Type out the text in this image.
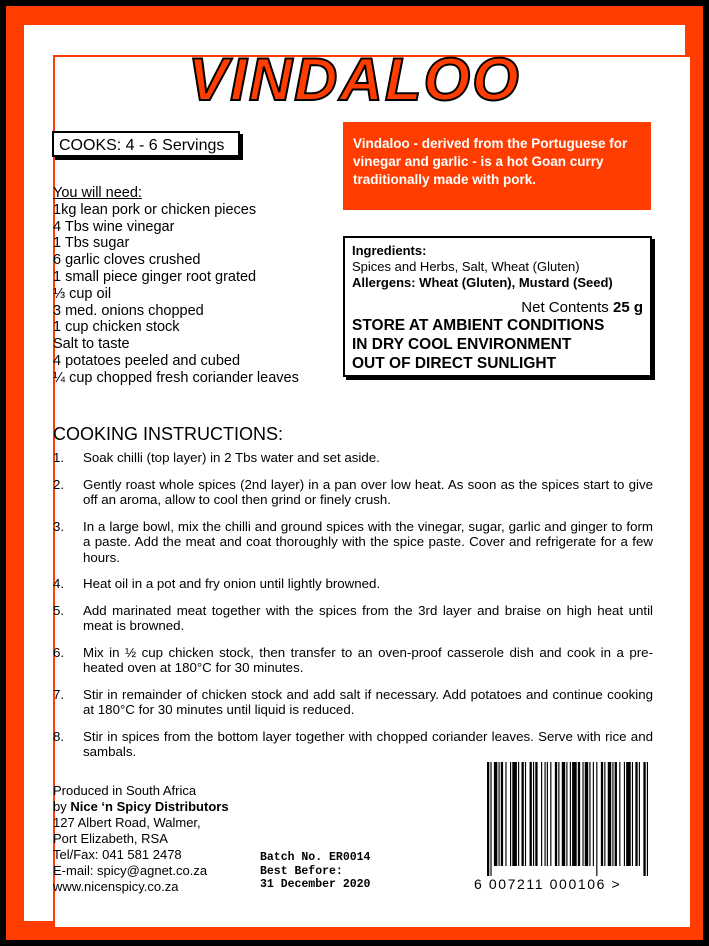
VINDALOO
COOKS: 4 - 6 Servings
You will need:
1kg lean pork or chicken pieces
4 Tbs wine vinegar
1 Tbs sugar
6 garlic cloves crushed
1 small piece ginger root grated
⅓ cup oil
3 med. onions chopped
1 cup chicken stock
Salt to taste
4 potatoes peeled and cubed
¼ cup chopped fresh coriander leaves
Vindaloo - derived from the Portuguese for vinegar and garlic - is a hot Goan curry traditionally made with pork.
Ingredients:
Spices and Herbs, Salt, Wheat (Gluten)
Allergens: Wheat (Gluten), Mustard (Seed)
Net Contents 25 g
STORE AT AMBIENT CONDITIONS
IN DRY COOL ENVIRONMENT
OUT OF DIRECT SUNLIGHT
COOKING INSTRUCTIONS:
1.	Soak chilli (top layer) in 2 Tbs water and set aside.
2.	Gently roast whole spices (2nd layer) in a pan over low heat. As soon as the spices start to give off an aroma, allow to cool then grind or finely crush.
3.	In a large bowl, mix the chilli and ground spices with the vinegar, sugar, garlic and ginger to form a paste. Add the meat and coat thoroughly with the spice paste. Cover and refrigerate for a few hours.
4.	Heat oil in a pot and fry onion until lightly browned.
5.	Add marinated meat together with the spices from the 3rd layer and braise on high heat until meat is browned.
6.	Mix in ½ cup chicken stock, then transfer to an oven-proof casserole dish and cook in a pre-heated oven at 180°C for 30 minutes.
7.	Stir in remainder of chicken stock and add salt if necessary. Add potatoes and continue cooking at 180°C for 30 minutes until liquid is reduced.
8.	Stir in spices from the bottom layer together with chopped coriander leaves. Serve with rice and sambals.
Produced in South Africa
by Nice ‘n Spicy Distributors
127 Albert Road, Walmer,
Port Elizabeth, RSA
Tel/Fax: 041 581 2478
E-mail: spicy@agnet.co.za
www.nicenspicy.co.za
Batch No. ER0014
Best Before:
31 December 2020	6 007211 000106 >
